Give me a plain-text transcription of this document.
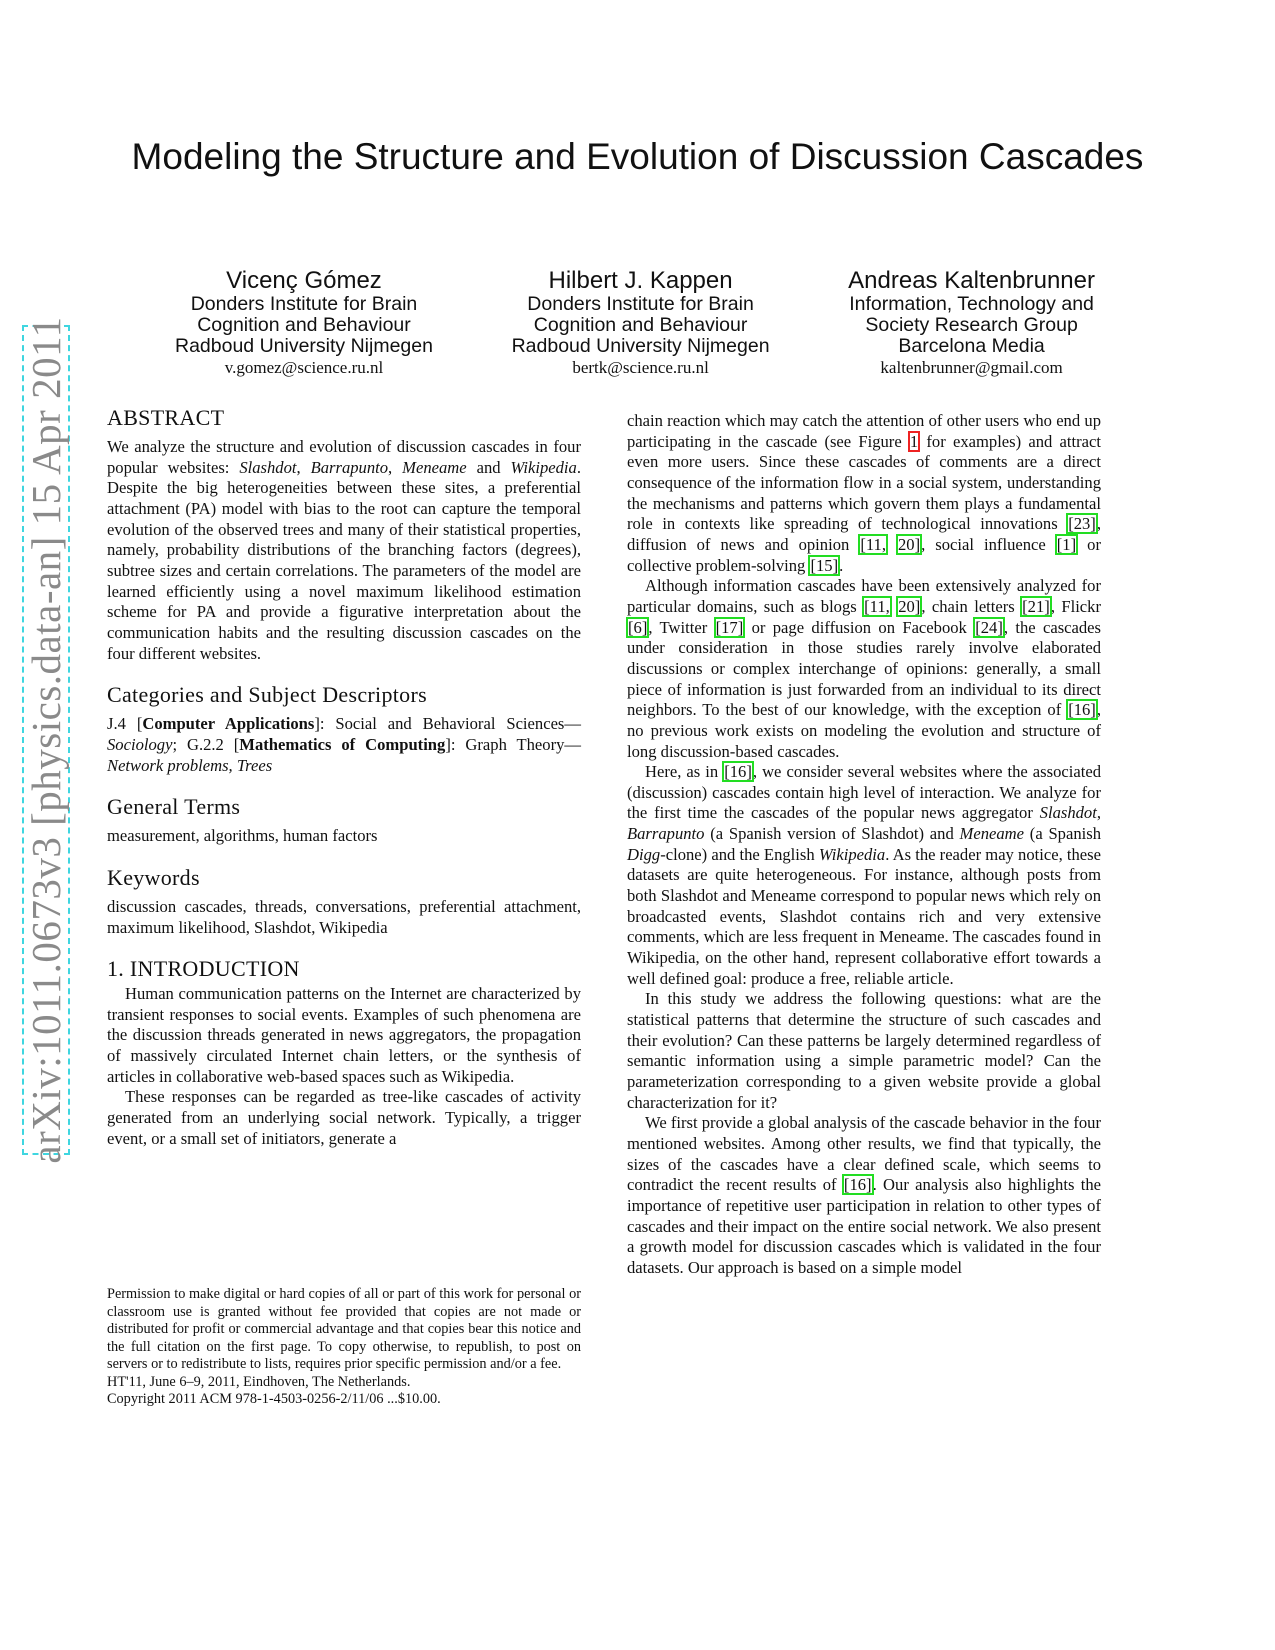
arXiv:1011.0673v3 [physics.data-an] 15 Apr 2011
Modeling the Structure and Evolution of Discussion Cascades
Vicenç Gómez
Donders Institute for Brain
Cognition and Behaviour
Radboud University Nijmegen
v.gomez@science.ru.nl
Hilbert J. Kappen
Donders Institute for Brain
Cognition and Behaviour
Radboud University Nijmegen
bertk@science.ru.nl
Andreas Kaltenbrunner
Information, Technology and
Society Research Group
Barcelona Media
kaltenbrunner@gmail.com
ABSTRACT

We analyze the structure and evolution of discussion cascades in four popular websites: Slashdot, Barrapunto, Meneame and Wikipedia. Despite the big heterogeneities between these sites, a preferential attachment (PA) model with bias to the root can capture the temporal evolution of the observed trees and many of their statistical properties, namely, probability distributions of the branching factors (degrees), subtree sizes and certain correlations. The parameters of the model are learned efficiently using a novel maximum likelihood estimation scheme for PA and provide a figurative interpretation about the communication habits and the resulting discussion cascades on the four different websites.

Categories and Subject Descriptors

J.4 [Computer Applications]: Social and Behavioral Sciences—Sociology; G.2.2 [Mathematics of Computing]: Graph Theory—Network problems, Trees

General Terms

measurement, algorithms, human factors

Keywords

discussion cascades, threads, conversations, preferential attachment, maximum likelihood, Slashdot, Wikipedia

1. INTRODUCTION

Human communication patterns on the Internet are characterized by transient responses to social events. Examples of such phenomena are the discussion threads generated in news aggregators, the propagation of massively circulated Internet chain letters, or the synthesis of articles in collaborative web-based spaces such as Wikipedia.

These responses can be regarded as tree-like cascades of activity generated from an underlying social network. Typically, a trigger event, or a small set of initiators, generate a

chain reaction which may catch the attention of other users who end up participating in the cascade (see Figure 1 for examples) and attract even more users. Since these cascades of comments are a direct consequence of the information flow in a social system, understanding the mechanisms and patterns which govern them plays a fundamental role in contexts like spreading of technological innovations [23], diffusion of news and opinion [11, 20], social influence [1] or collective problem-solving [15].

Although information cascades have been extensively analyzed for particular domains, such as blogs [11, 20], chain letters [21], Flickr [6], Twitter [17] or page diffusion on Facebook [24], the cascades under consideration in those studies rarely involve elaborated discussions or complex interchange of opinions: generally, a small piece of information is just forwarded from an individual to its direct neighbors. To the best of our knowledge, with the exception of [16], no previous work exists on modeling the evolution and structure of long discussion-based cascades.

Here, as in [16], we consider several websites where the associated (discussion) cascades contain high level of interaction. We analyze for the first time the cascades of the popular news aggregator Slashdot, Barrapunto (a Spanish version of Slashdot) and Meneame (a Spanish Digg-clone) and the English Wikipedia. As the reader may notice, these datasets are quite heterogeneous. For instance, although posts from both Slashdot and Meneame correspond to popular news which rely on broadcasted events, Slashdot contains rich and very extensive comments, which are less frequent in Meneame. The cascades found in Wikipedia, on the other hand, represent collaborative effort towards a well defined goal: produce a free, reliable article.

In this study we address the following questions: what are the statistical patterns that determine the structure of such cascades and their evolution? Can these patterns be largely determined regardless of semantic information using a simple parametric model? Can the parameterization corresponding to a given website provide a global characterization for it?

We first provide a global analysis of the cascade behavior in the four mentioned websites. Among other results, we find that typically, the sizes of the cascades have a clear defined scale, which seems to contradict the recent results of [16]. Our analysis also highlights the importance of repetitive user participation in relation to other types of cascades and their impact on the entire social network. We also present a growth model for discussion cascades which is validated in the four datasets. Our approach is based on a simple model

Permission to make digital or hard copies of all or part of this work for personal or classroom use is granted without fee provided that copies are not made or distributed for profit or commercial advantage and that copies bear this notice and the full citation on the first page. To copy otherwise, to republish, to post on servers or to redistribute to lists, requires prior specific permission and/or a fee.

HT'11, June 6–9, 2011, Eindhoven, The Netherlands.

Copyright 2011 ACM 978-1-4503-0256-2/11/06 ...$10.00.
